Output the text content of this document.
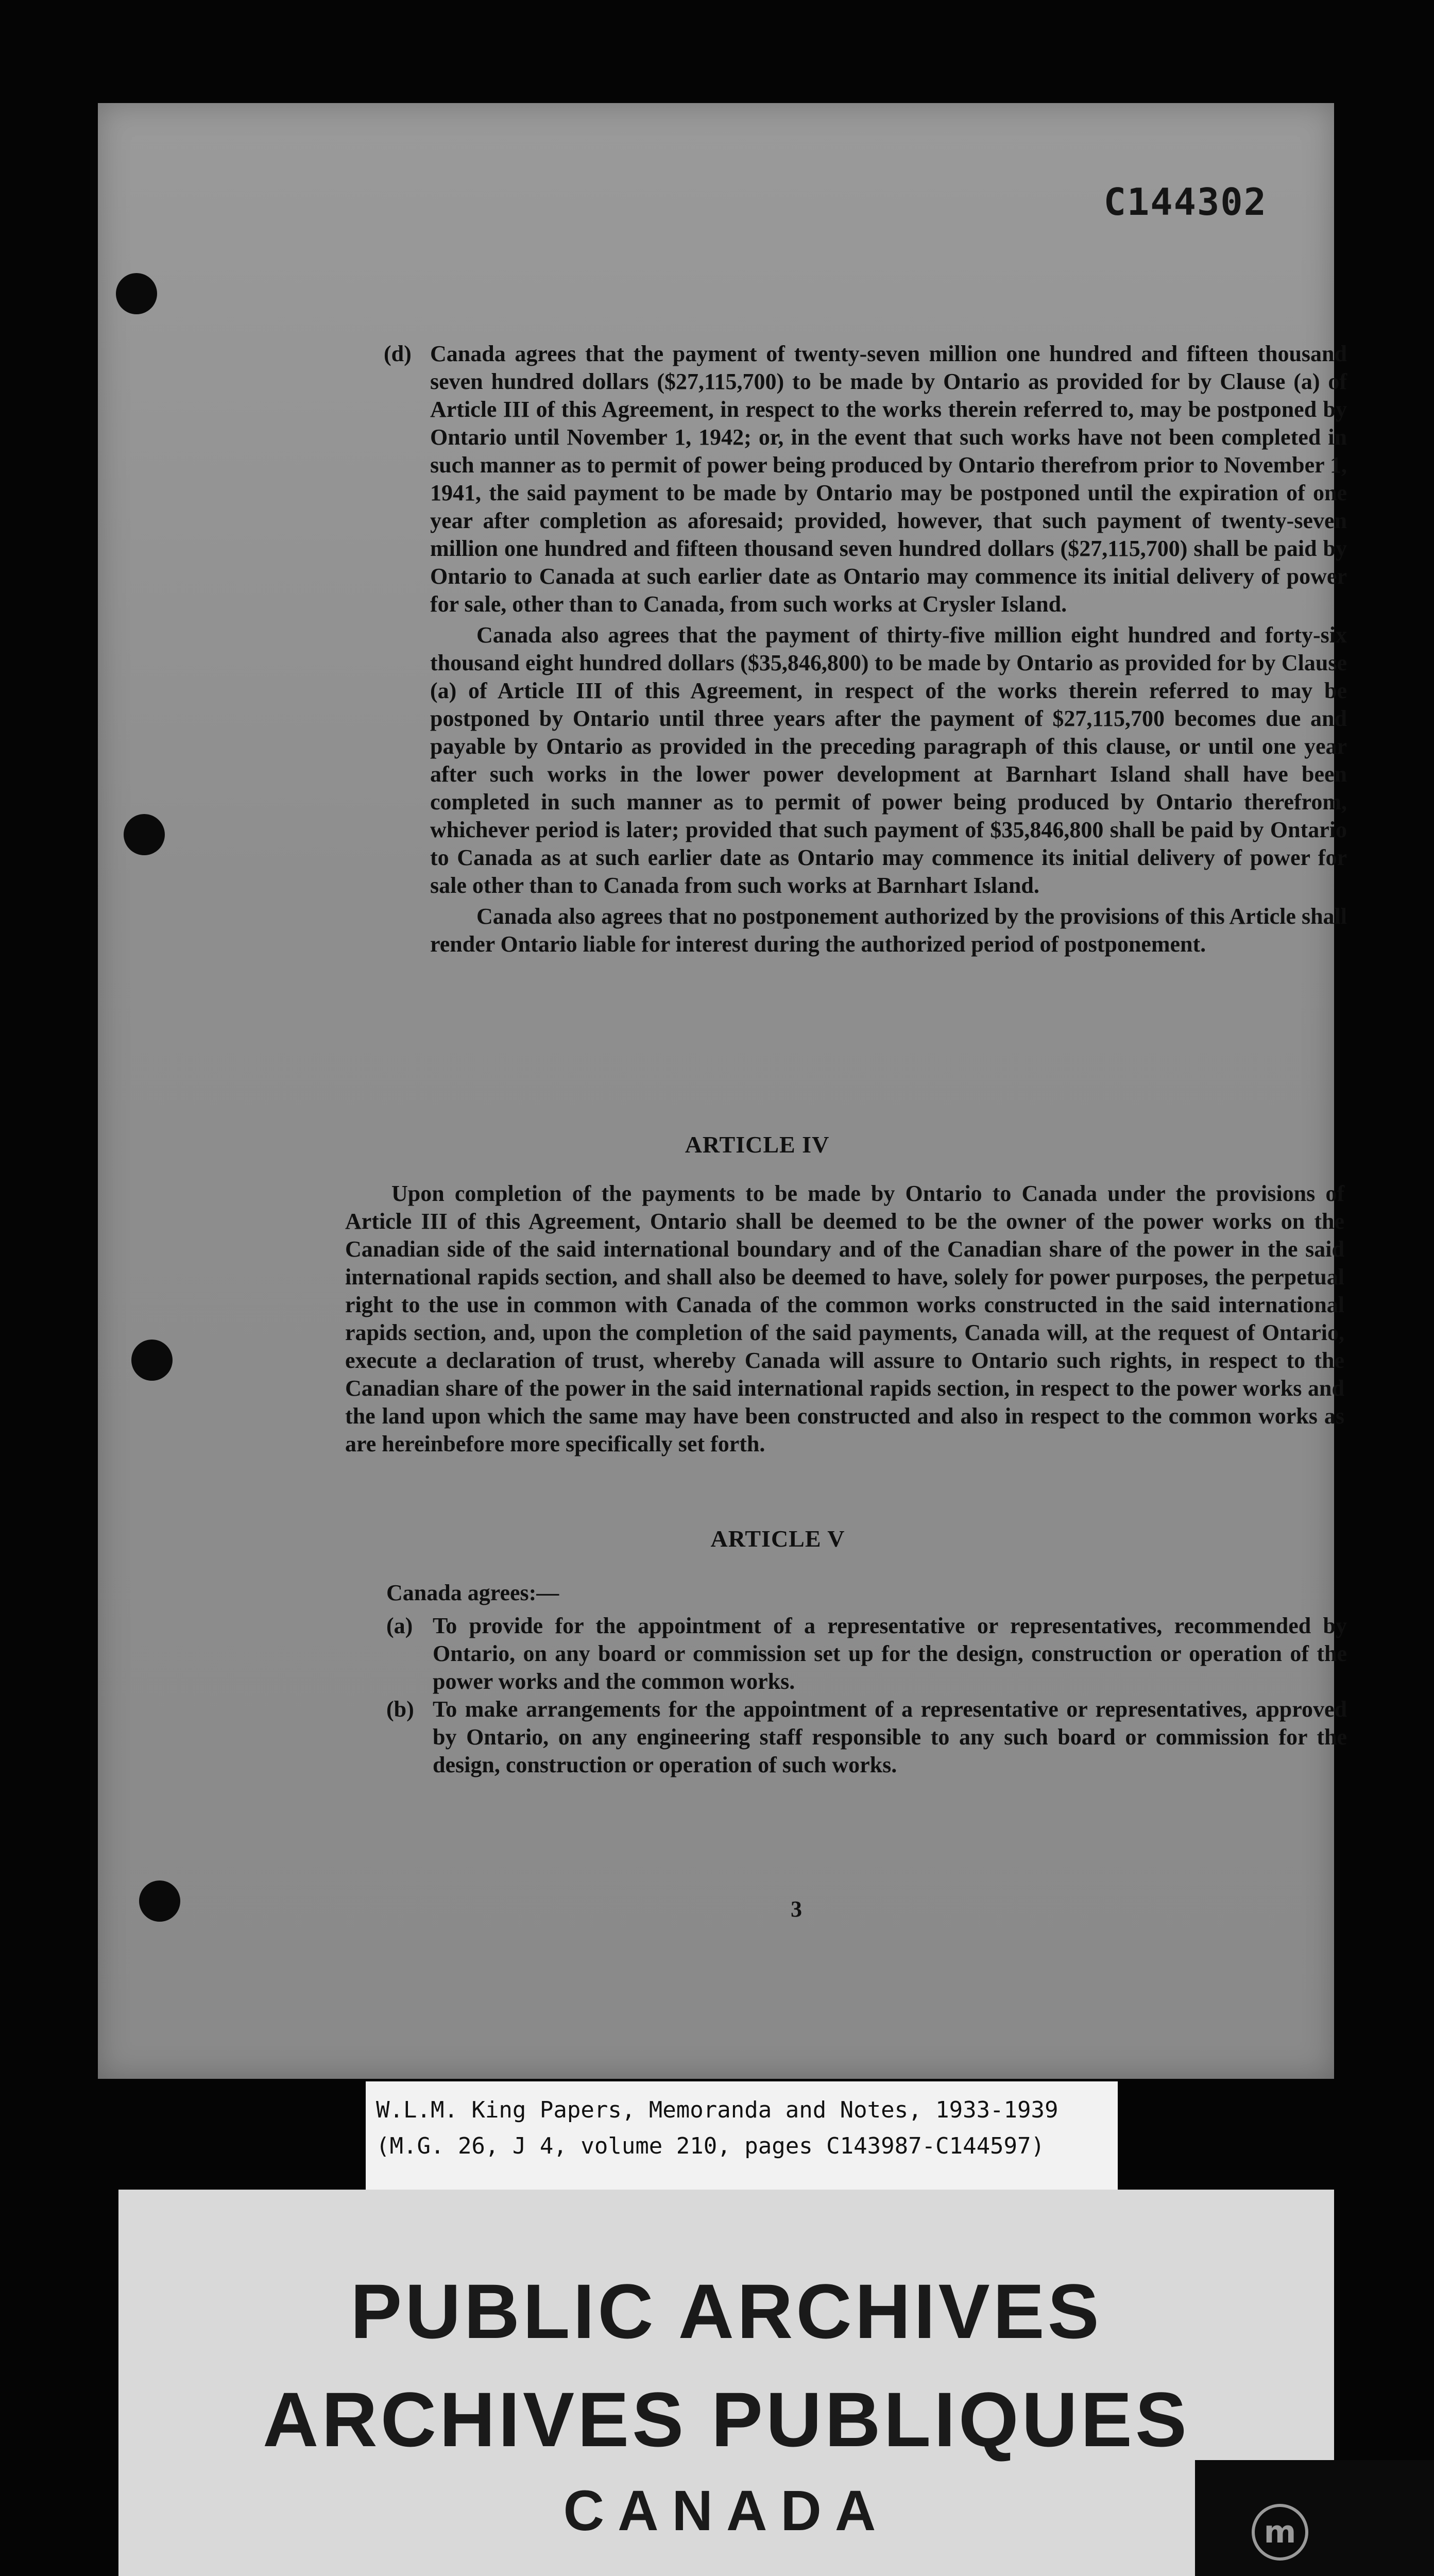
C144302
(d) Canada agrees that the payment of twenty-seven million one hundred and fifteen thousand seven hundred dollars ($27,115,700) to be made by Ontario as provided for by Clause (a) of Article III of this Agreement, in respect to the works therein referred to, may be postponed by Ontario until November 1, 1942; or, in the event that such works have not been completed in such manner as to permit of power being produced by Ontario therefrom prior to November 1, 1941, the said payment to be made by Ontario may be postponed until the expiration of one year after completion as aforesaid; provided, however, that such payment of twenty-seven million one hundred and fifteen thousand seven hundred dollars ($27,115,700) shall be paid by Ontario to Canada at such earlier date as Ontario may commence its initial delivery of power for sale, other than to Canada, from such works at Crysler Island.

Canada also agrees that the payment of thirty-five million eight hundred and forty-six thousand eight hundred dollars ($35,846,800) to be made by Ontario as provided for by Clause (a) of Article III of this Agreement, in respect of the works therein referred to may be postponed by Ontario until three years after the payment of $27,115,700 becomes due and payable by Ontario as provided in the preceding paragraph of this clause, or until one year after such works in the lower power development at Barnhart Island shall have been completed in such manner as to permit of power being produced by Ontario therefrom, whichever period is later; provided that such payment of $35,846,800 shall be paid by Ontario to Canada as at such earlier date as Ontario may commence its initial delivery of power for sale other than to Canada from such works at Barnhart Island.

Canada also agrees that no postponement authorized by the provisions of this Article shall render Ontario liable for interest during the authorized period of postponement.

ARTICLE IV

Upon completion of the payments to be made by Ontario to Canada under the provisions of Article III of this Agreement, Ontario shall be deemed to be the owner of the power works on the Canadian side of the said international boundary and of the Canadian share of the power in the said international rapids section, and shall also be deemed to have, solely for power purposes, the perpetual right to the use in common with Canada of the common works constructed in the said international rapids section, and, upon the completion of the said payments, Canada will, at the request of Ontario, execute a declaration of trust, whereby Canada will assure to Ontario such rights, in respect to the Canadian share of the power in the said international rapids section, in respect to the power works and the land upon which the same may have been constructed and also in respect to the common works as are hereinbefore more specifically set forth.

ARTICLE V

Canada agrees:—

(a) To provide for the appointment of a representative or representatives, recommended by Ontario, on any board or commission set up for the design, construction or operation of the power works and the common works.

(b) To make arrangements for the appointment of a representative or representatives, approved by Ontario, on any engineering staff responsible to any such board or commission for the design, construction or operation of such works.

3
W.L.M. King Papers, Memoranda and Notes, 1933-1939
(M.G. 26, J 4, volume 210, pages C143987-C144597)
PUBLIC ARCHIVES
ARCHIVES PUBLIQUES
CANADA	m
